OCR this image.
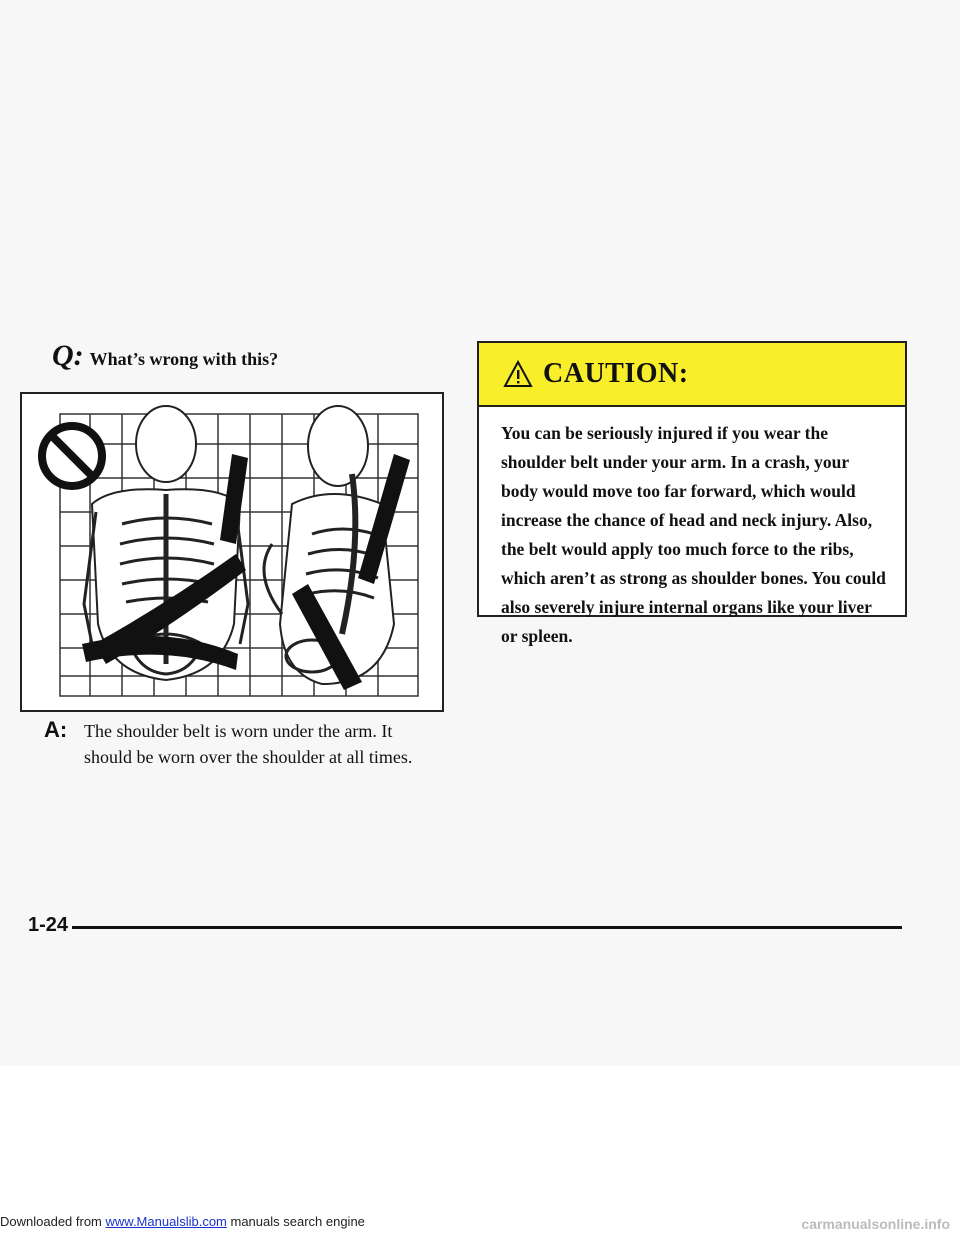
Q: What’s wrong with this?
A: The shoulder belt is worn under the arm. It should be worn over the shoulder at all times.
CAUTION:
You can be seriously injured if you wear the shoulder belt under your arm. In a crash, your body would move too far forward, which would increase the chance of head and neck injury. Also, the belt would apply too much force to the ribs, which aren’t as strong as shoulder bones. You could also severely injure internal organs like your liver or spleen.
1-24
Downloaded from www.Manualslib.com manuals search engine	carmanualsonline.info
